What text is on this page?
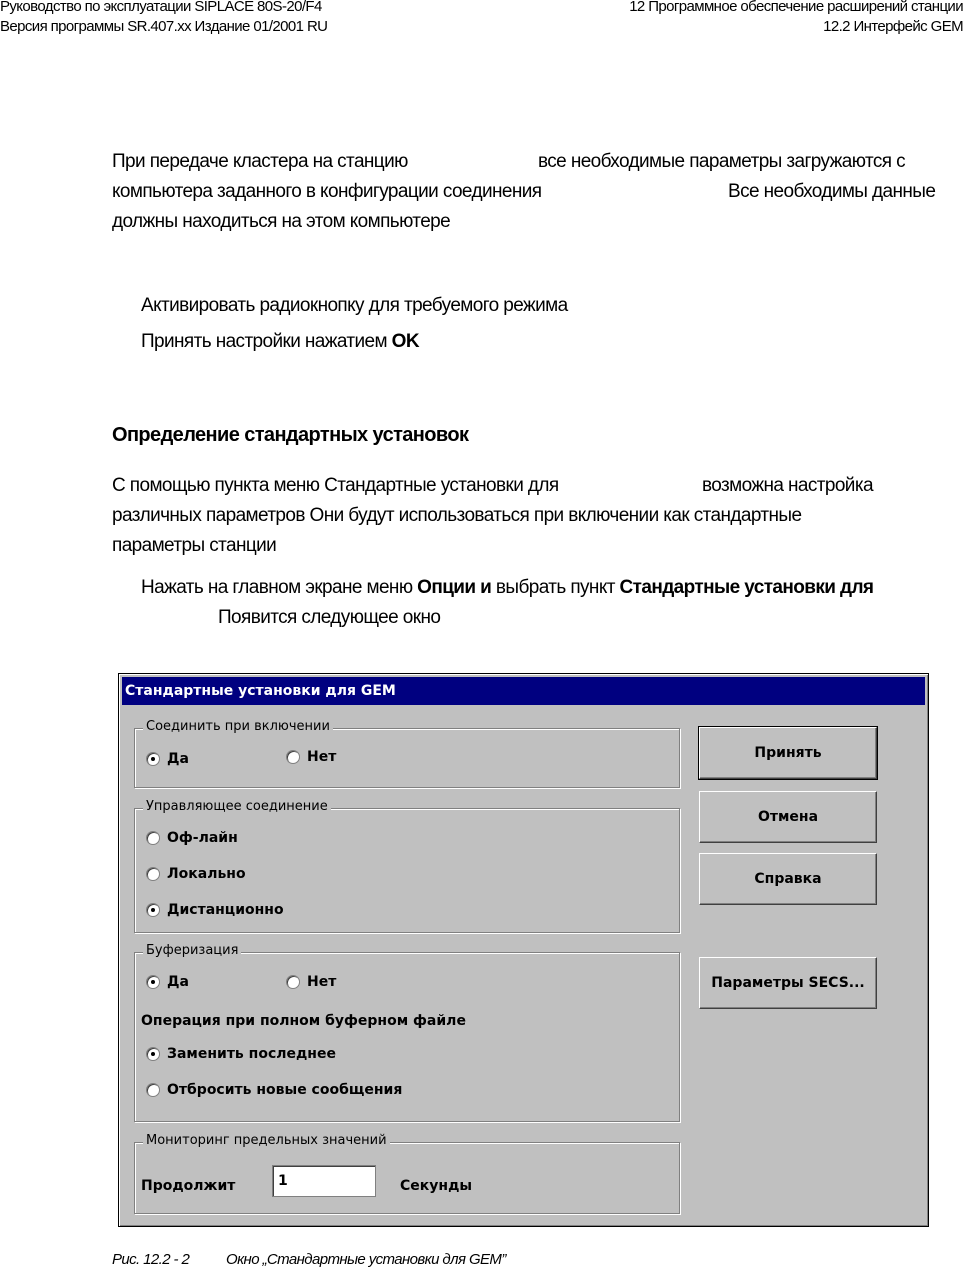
Руководство по эксплуатации SIPLACE 80S-20/F4
Версия программы SR.407.xx Издание 01/2001 RU
12 Программное обеспечение расширений станции
12.2 Интерфейс GEM
При передаче кластера на станцию	все необходимые параметры загружаются с
компьютера заданного в конфигурации соединения	Все необходимы данные
должны находиться на этом компьютере
Активировать радиокнопку для требуемого режима
Принять настройки нажатием OK
Определение стандартных установок
С помощью пункта меню Стандартные установки для	возможна настройка
различных параметров Они будут использоваться при включении как стандартные
параметры станции
Нажать на главном экране меню Опции и выбрать пункт Стандартные установки для
Появится следующее окно
Стандартные установки для GEM
Соединить при включении
Да	Нет
Управляющее соединение
Оф-лайн
Локально
Дистанционно
Буферизация
Да	Нет
Операция при полном буферном файле
Заменить последнее
Отбросить новые сообщения
Мониторинг предельных значений
Продолжит	Секунды
1
Принять
Отмена
Справка
Параметры SECS...
Рис. 12.2 - 2 Окно „Стандартные установки для GEM”
